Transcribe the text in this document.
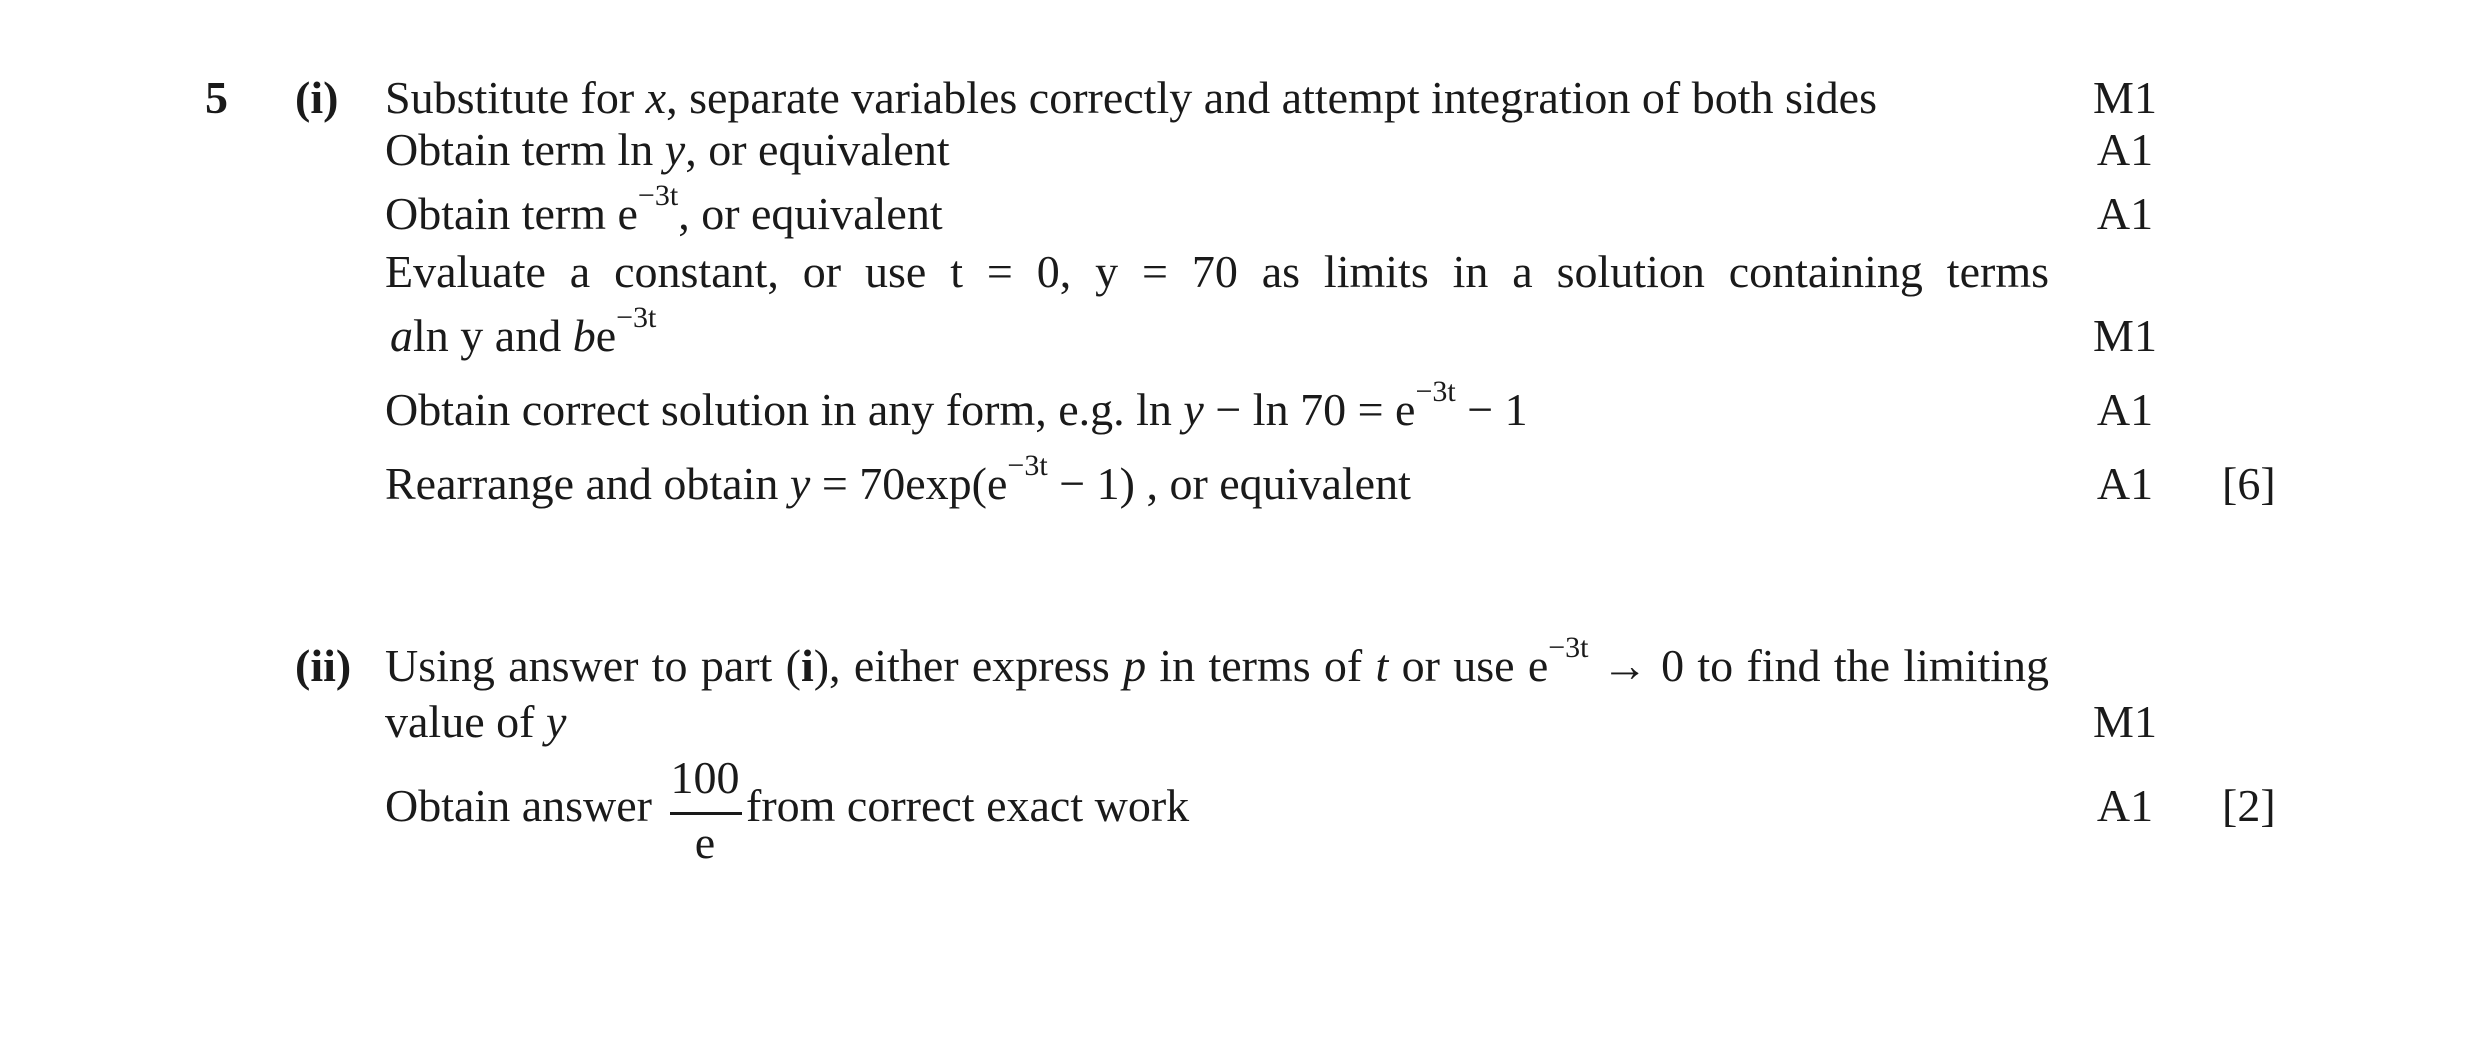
5 (i) Substitute for x, separate variables correctly and attempt integration of both sides	M1
Obtain term ln y, or equivalent	A1
Obtain term $e^{-3t}$, or equivalent	A1
Evaluate a constant, or use t = 0, y = 70 as limits in a solution containing terms
aln y and $be^{-3t}$	M1
Obtain correct solution in any form, e.g. $\ln y - \ln 70 = e^{-3t} - 1$	A1
Rearrange and obtain $y = 70\exp(e^{-3t} - 1)$ , or equivalent	A1	[6]
(ii) Using answer to part (i), either express p in terms of t or use $e^{-3t} \to 0$ to find the limiting
value of y	M1
Obtain answer
100
e
from correct exact work	A1	[2]
